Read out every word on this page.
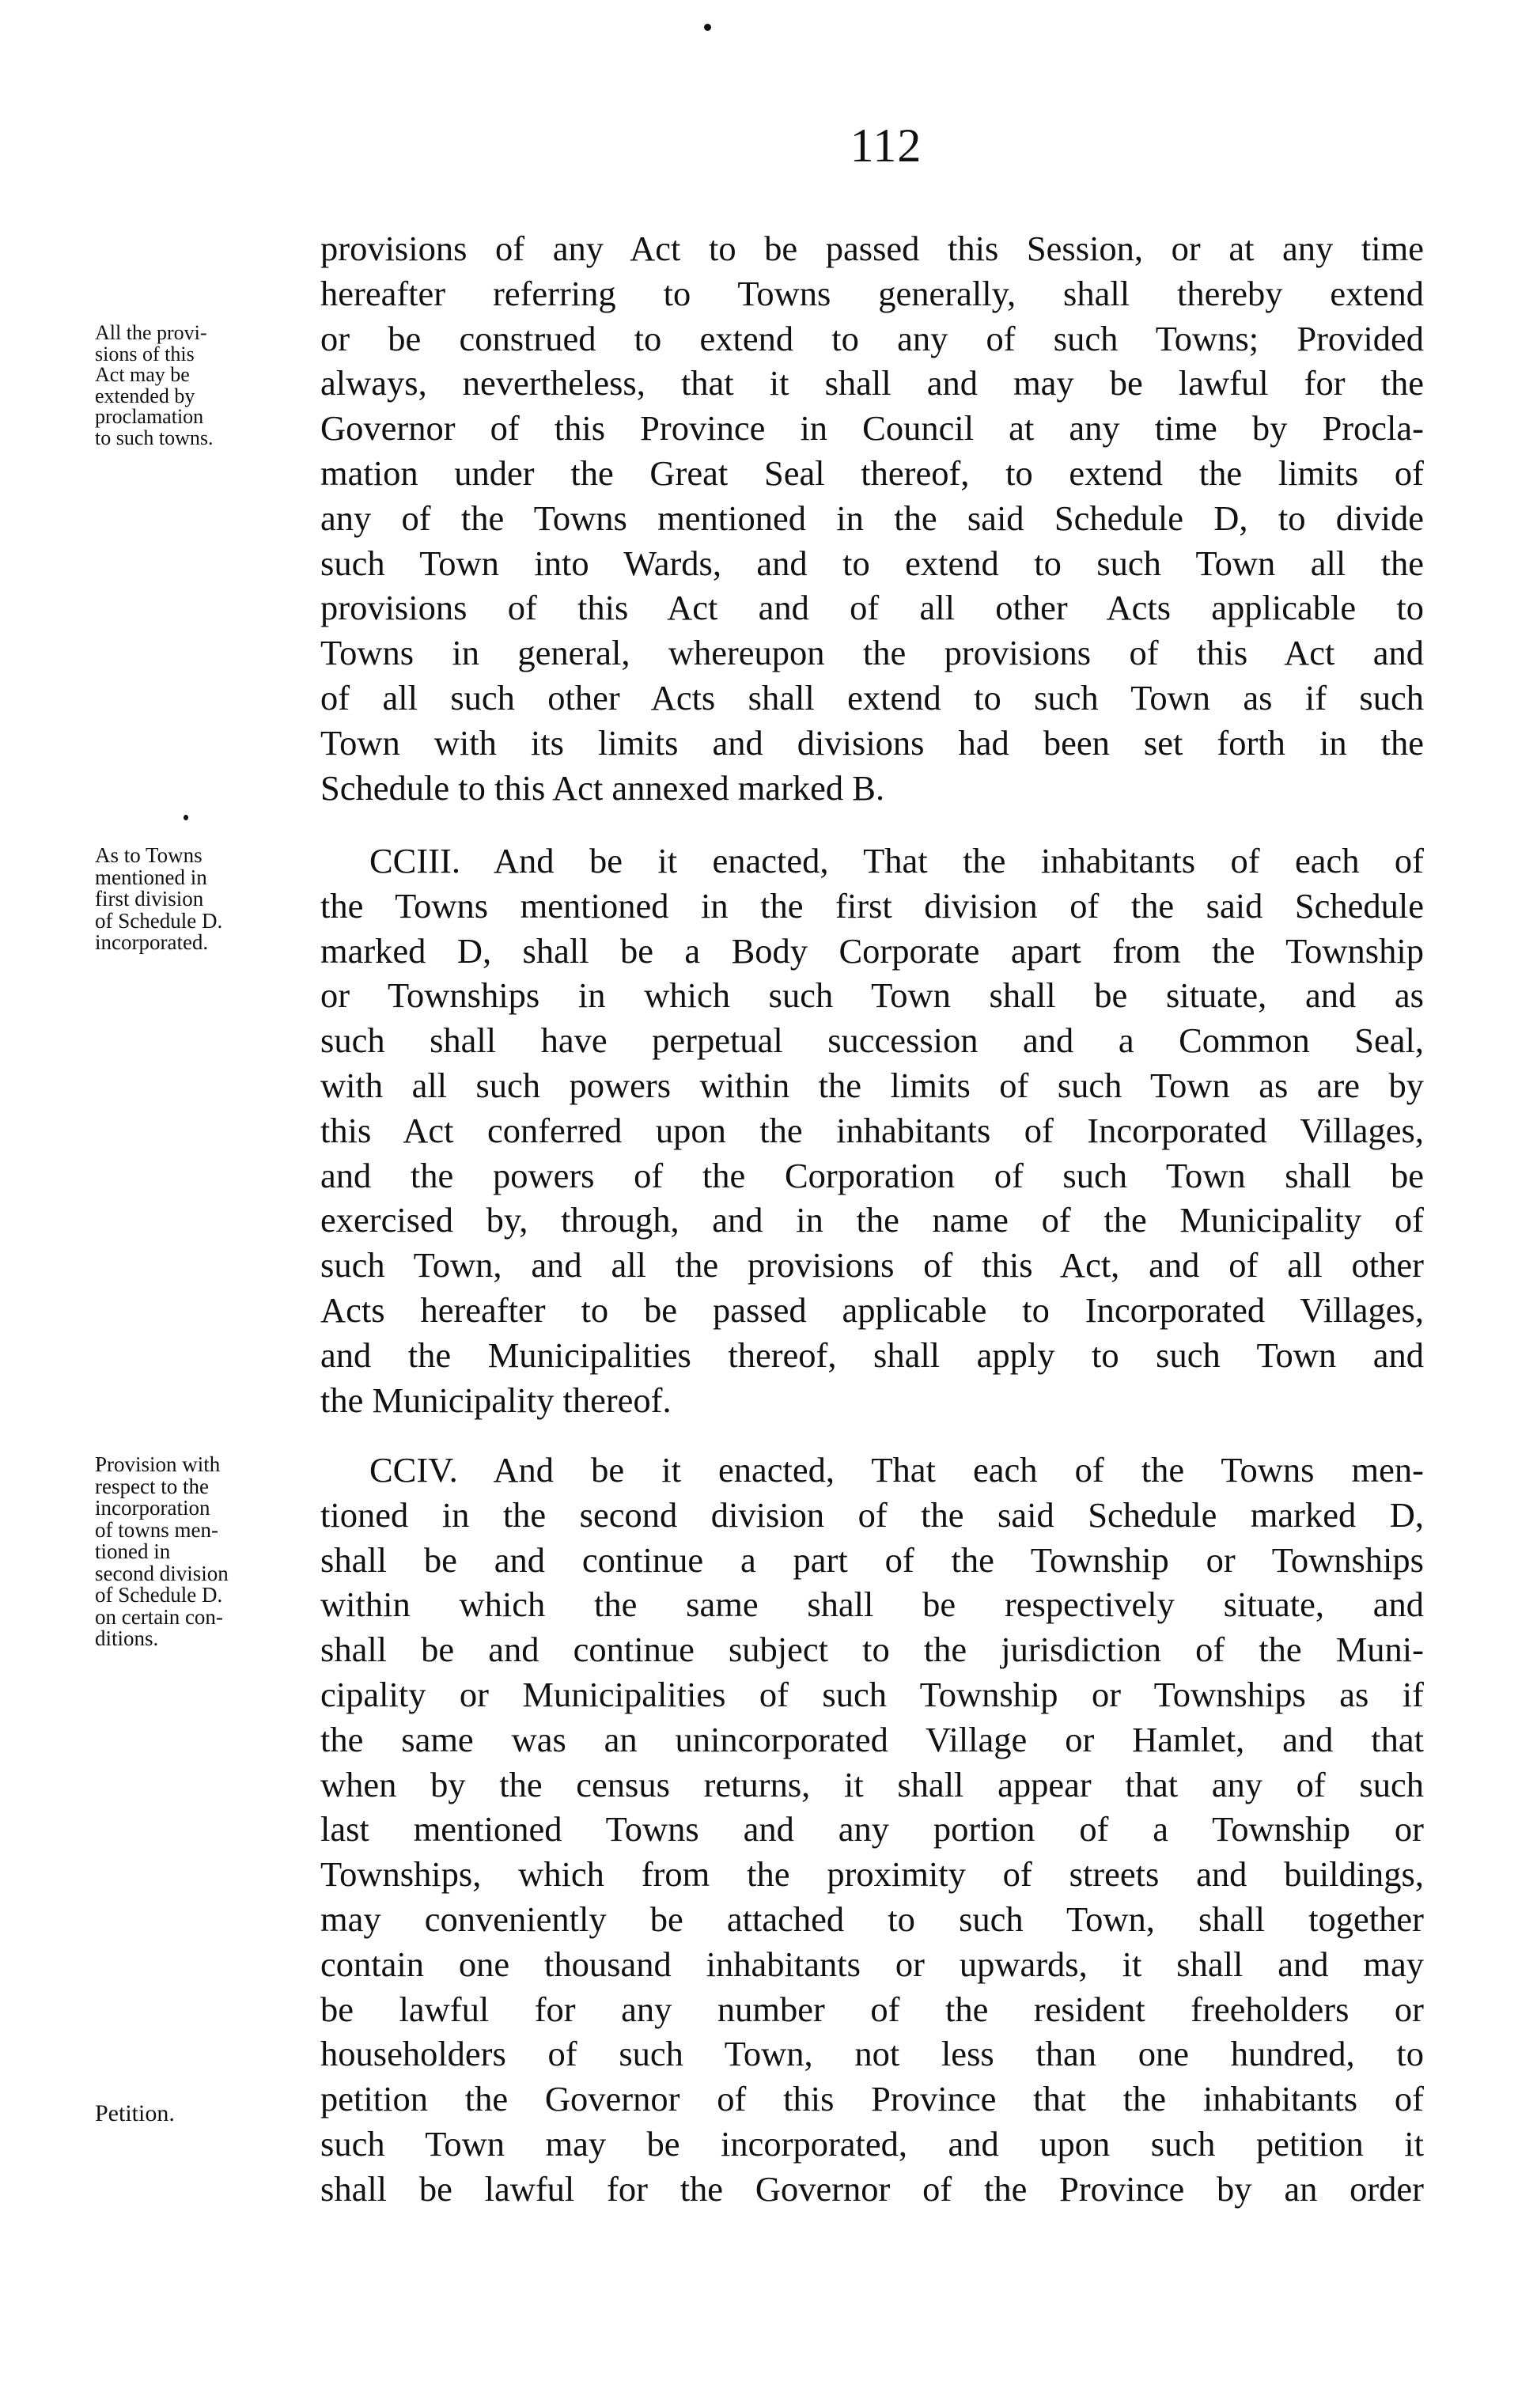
112
All the provi-
sions of this
Act may be
extended by
proclamation
to such towns.
As to Towns
mentioned in
first division
of Schedule D.
incorporated.
Provision with
respect to the
incorporation
of towns men-
tioned in
second division
of Schedule D.
on certain con-
ditions.
Petition.
provisions of any Act to be passed this Session, or at any time
hereafter referring to Towns generally, shall thereby extend
or be construed to extend to any of such Towns; Provided
always, nevertheless, that it shall and may be lawful for the
Governor of this Province in Council at any time by Procla-
mation under the Great Seal thereof, to extend the limits of
any of the Towns mentioned in the said Schedule D, to divide
such Town into Wards, and to extend to such Town all the
provisions of this Act and of all other Acts applicable to
Towns in general, whereupon the provisions of this Act and
of all such other Acts shall extend to such Town as if such
Town with its limits and divisions had been set forth in the
Schedule to this Act annexed marked B.
CCIII. And be it enacted, That the inhabitants of each of
the Towns mentioned in the first division of the said Schedule
marked D, shall be a Body Corporate apart from the Township
or Townships in which such Town shall be situate, and as
such shall have perpetual succession and a Common Seal,
with all such powers within the limits of such Town as are by
this Act conferred upon the inhabitants of Incorporated Villages,
and the powers of the Corporation of such Town shall be
exercised by, through, and in the name of the Municipality of
such Town, and all the provisions of this Act, and of all other
Acts hereafter to be passed applicable to Incorporated Villages,
and the Municipalities thereof, shall apply to such Town and
the Municipality thereof.
CCIV. And be it enacted, That each of the Towns men-
tioned in the second division of the said Schedule marked D,
shall be and continue a part of the Township or Townships
within which the same shall be respectively situate, and
shall be and continue subject to the jurisdiction of the Muni-
cipality or Municipalities of such Township or Townships as if
the same was an unincorporated Village or Hamlet, and that
when by the census returns, it shall appear that any of such
last mentioned Towns and any portion of a Township or
Townships, which from the proximity of streets and buildings,
may conveniently be attached to such Town, shall together
contain one thousand inhabitants or upwards, it shall and may
be lawful for any number of the resident freeholders or
householders of such Town, not less than one hundred, to
petition the Governor of this Province that the inhabitants of
such Town may be incorporated, and upon such petition it
shall be lawful for the Governor of the Province by an order
